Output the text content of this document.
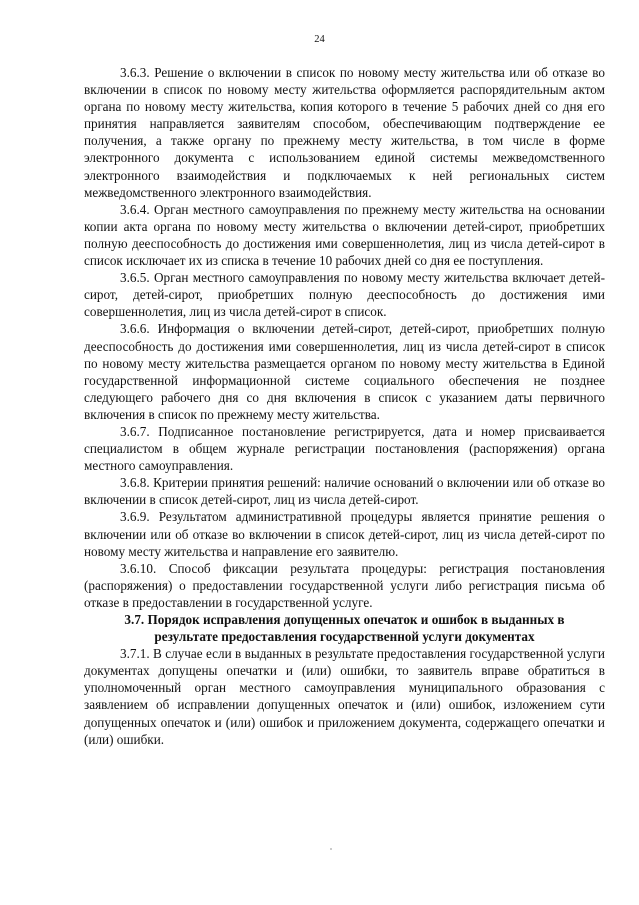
24

3.6.3. Решение о включении в список по новому месту жительства или об отказе во включении в список по новому месту жительства оформляется распорядительным актом органа по новому месту жительства, копия которого в течение 5 рабочих дней со дня его принятия направляется заявителям способом, обеспечивающим подтверждение ее получения, а также органу по прежнему месту жительства, в том числе в форме электронного документа с использованием единой системы межведомственного электронного взаимодействия и подключаемых к ней региональных систем межведомственного электронного взаимодействия.

3.6.4. Орган местного самоуправления по прежнему месту жительства на основании копии акта органа по новому месту жительства о включении детей-сирот, приобретших полную дееспособность до достижения ими совершеннолетия, лиц из числа детей-сирот в список исключает их из списка в течение 10 рабочих дней со дня ее поступления.

3.6.5. Орган местного самоуправления по новому месту жительства включает детей-сирот, детей-сирот, приобретших полную дееспособность до достижения ими совершеннолетия, лиц из числа детей-сирот в список.

3.6.6. Информация о включении детей-сирот, детей-сирот, приобретших полную дееспособность до достижения ими совершеннолетия, лиц из числа детей-сирот в список по новому месту жительства размещается органом по новому месту жительства в Единой государственной информационной системе социального обеспечения не позднее следующего рабочего дня со дня включения в список с указанием даты первичного включения в список по прежнему месту жительства.

3.6.7. Подписанное постановление регистрируется, дата и номер присваивается специалистом в общем журнале регистрации постановления (распоряжения) органа местного самоуправления.

3.6.8. Критерии принятия решений: наличие оснований о включении или об отказе во включении в список детей-сирот, лиц из числа детей-сирот.

3.6.9. Результатом административной процедуры является принятие решения о включении или об отказе во включении в список детей-сирот, лиц из числа детей-сирот по новому месту жительства и направление его заявителю.

3.6.10. Способ фиксации результата процедуры: регистрация постановления (распоряжения) о предоставлении государственной услуги либо регистрация письма об отказе в предоставлении в государственной услуге.

3.7. Порядок исправления допущенных опечаток и ошибок в выданных в результате предоставления государственной услуги документах

3.7.1. В случае если в выданных в результате предоставления государственной услуги документах допущены опечатки и (или) ошибки, то заявитель вправе обратиться в уполномоченный орган местного самоуправления муниципального образования с заявлением об исправлении допущенных опечаток и (или) ошибок, изложением сути допущенных опечаток и (или) ошибок и приложением документа, содержащего опечатки и (или) ошибки.
